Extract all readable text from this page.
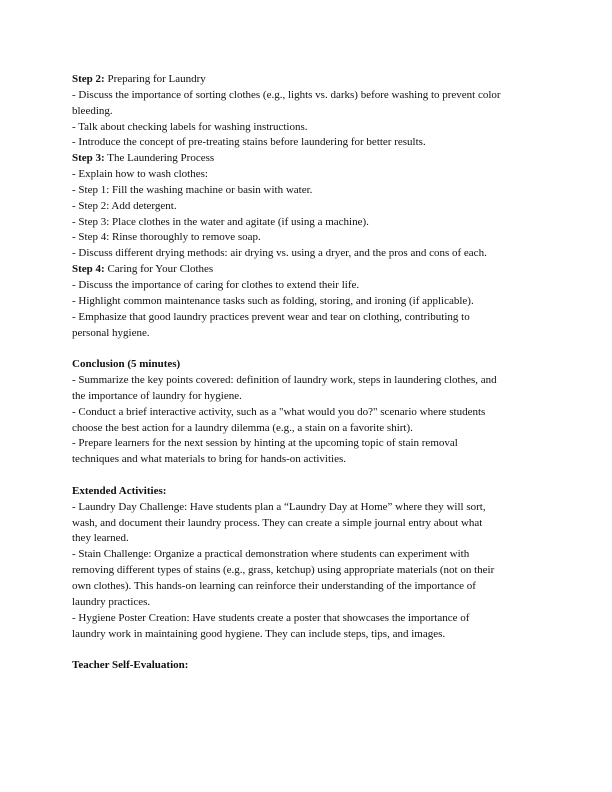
Step 2: Preparing for Laundry
- Discuss the importance of sorting clothes (e.g., lights vs. darks) before washing to prevent color
bleeding.
- Talk about checking labels for washing instructions.
- Introduce the concept of pre-treating stains before laundering for better results.
Step 3: The Laundering Process
- Explain how to wash clothes:
- Step 1: Fill the washing machine or basin with water.
- Step 2: Add detergent.
- Step 3: Place clothes in the water and agitate (if using a machine).
- Step 4: Rinse thoroughly to remove soap.
- Discuss different drying methods: air drying vs. using a dryer, and the pros and cons of each.
Step 4: Caring for Your Clothes
- Discuss the importance of caring for clothes to extend their life.
- Highlight common maintenance tasks such as folding, storing, and ironing (if applicable).
- Emphasize that good laundry practices prevent wear and tear on clothing, contributing to
personal hygiene.
Conclusion (5 minutes)
- Summarize the key points covered: definition of laundry work, steps in laundering clothes, and
the importance of laundry for hygiene.
- Conduct a brief interactive activity, such as a "what would you do?" scenario where students
choose the best action for a laundry dilemma (e.g., a stain on a favorite shirt).
- Prepare learners for the next session by hinting at the upcoming topic of stain removal
techniques and what materials to bring for hands-on activities.
Extended Activities:
- Laundry Day Challenge: Have students plan a “Laundry Day at Home” where they will sort,
wash, and document their laundry process. They can create a simple journal entry about what
they learned.
- Stain Challenge: Organize a practical demonstration where students can experiment with
removing different types of stains (e.g., grass, ketchup) using appropriate materials (not on their
own clothes). This hands-on learning can reinforce their understanding of the importance of
laundry practices.
- Hygiene Poster Creation: Have students create a poster that showcases the importance of
laundry work in maintaining good hygiene. They can include steps, tips, and images.
Teacher Self-Evaluation:
